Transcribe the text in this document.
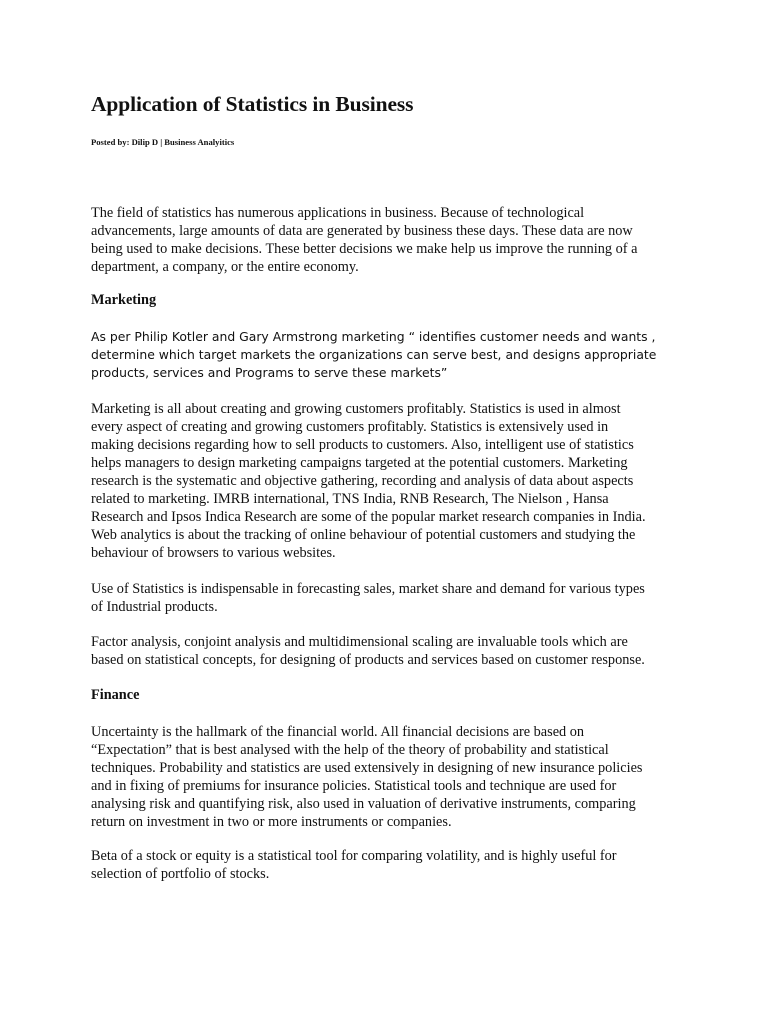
Application of Statistics in Business

Posted by: Dilip D | Business Analyitics

The field of statistics has numerous applications in business. Because of technological
advancements, large amounts of data are generated by business these days. These data are now
being used to make decisions. These better decisions we make help us improve the running of a
department, a company, or the entire economy.

Marketing

As per Philip Kotler and Gary Armstrong marketing “ identifies customer needs and wants ,
determine which target markets the organizations can serve best, and designs appropriate
products, services and Programs to serve these markets”

Marketing is all about creating and growing customers profitably. Statistics is used in almost
every aspect of creating and growing customers profitably. Statistics is extensively used in
making decisions regarding how to sell products to customers. Also, intelligent use of statistics
helps managers to design marketing campaigns targeted at the potential customers. Marketing
research is the systematic and objective gathering, recording and analysis of data about aspects
related to marketing. IMRB international, TNS India, RNB Research, The Nielson , Hansa
Research and Ipsos Indica Research are some of the popular market research companies in India.
Web analytics is about the tracking of online behaviour of potential customers and studying the
behaviour of browsers to various websites.

Use of Statistics is indispensable in forecasting sales, market share and demand for various types
of Industrial products.

Factor analysis, conjoint analysis and multidimensional scaling are invaluable tools which are
based on statistical concepts, for designing of products and services based on customer response.

Finance

Uncertainty is the hallmark of the financial world. All financial decisions are based on
“Expectation” that is best analysed with the help of the theory of probability and statistical
techniques. Probability and statistics are used extensively in designing of new insurance policies
and in fixing of premiums for insurance policies. Statistical tools and technique are used for
analysing risk and quantifying risk, also used in valuation of derivative instruments, comparing
return on investment in two or more instruments or companies.

Beta of a stock or equity is a statistical tool for comparing volatility, and is highly useful for
selection of portfolio of stocks.
